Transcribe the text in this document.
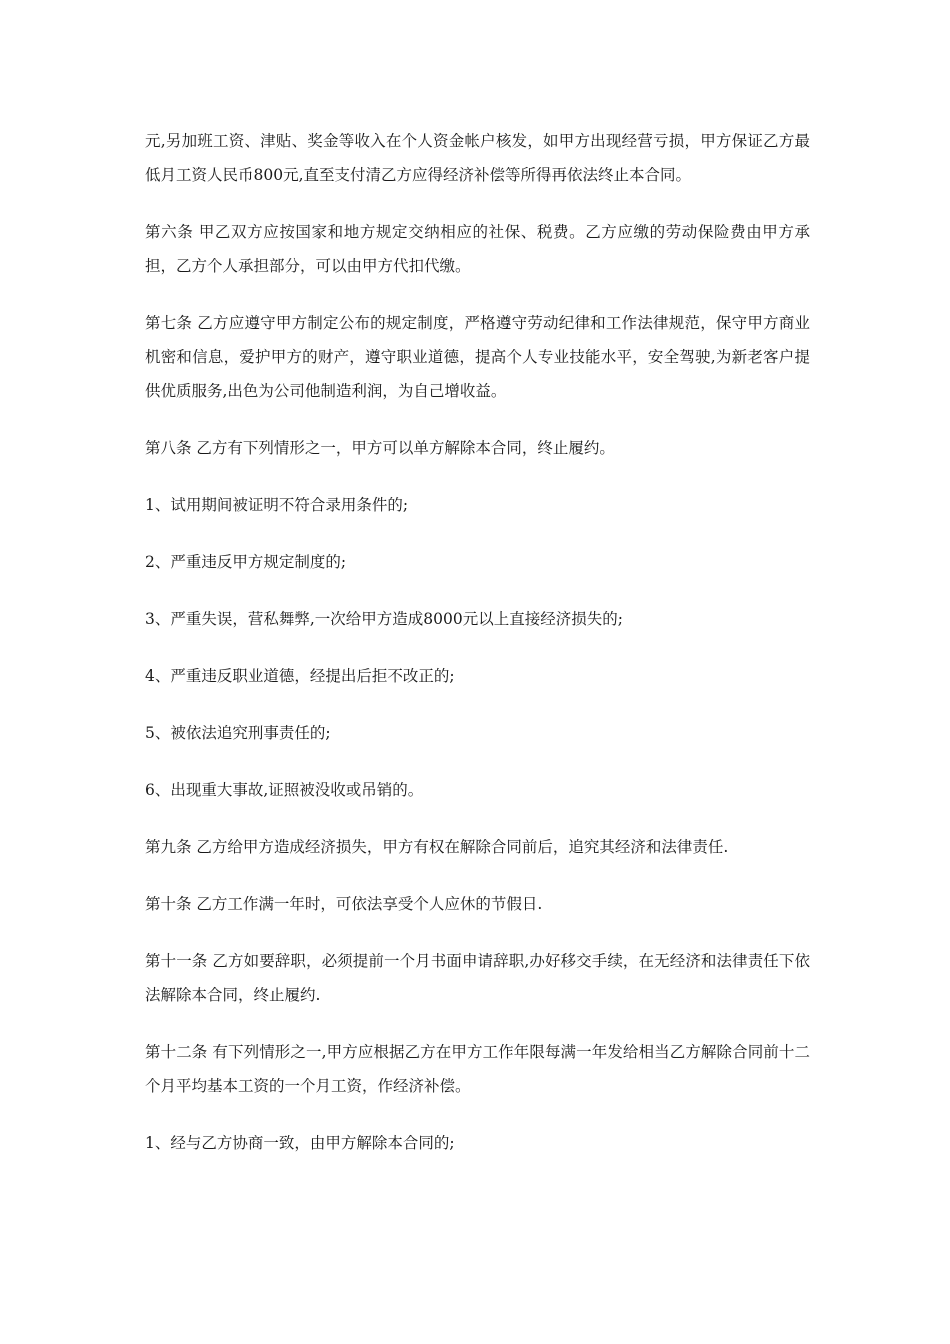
元,另加班工资、津贴、奖金等收入在个人资金帐户核发，如甲方出现经营亏损，甲方保证乙方最低月工资人民币800元,直至支付清乙方应得经济补偿等所得再依法终止本合同。

第六条 甲乙双方应按国家和地方规定交纳相应的社保、税费。乙方应缴的劳动保险费由甲方承担，乙方个人承担部分，可以由甲方代扣代缴。

第七条 乙方应遵守甲方制定公布的规定制度，严格遵守劳动纪律和工作法律规范，保守甲方商业机密和信息，爱护甲方的财产，遵守职业道德，提高个人专业技能水平，安全驾驶,为新老客户提供优质服务,出色为公司他制造利润，为自己增收益。

第八条 乙方有下列情形之一，甲方可以单方解除本合同，终止履约。

1、试用期间被证明不符合录用条件的;

2、严重违反甲方规定制度的;

3、严重失误，营私舞弊,一次给甲方造成8000元以上直接经济损失的;

4、严重违反职业道德，经提出后拒不改正的;

5、被依法追究刑事责任的;

6、出现重大事故,证照被没收或吊销的。

第九条 乙方给甲方造成经济损失，甲方有权在解除合同前后，追究其经济和法律责任.

第十条 乙方工作满一年时，可依法享受个人应休的节假日.

第十一条 乙方如要辞职，必须提前一个月书面申请辞职,办好移交手续，在无经济和法律责任下依法解除本合同，终止履约.

第十二条 有下列情形之一,甲方应根据乙方在甲方工作年限每满一年发给相当乙方解除合同前十二个月平均基本工资的一个月工资，作经济补偿。

1、经与乙方协商一致，由甲方解除本合同的;
